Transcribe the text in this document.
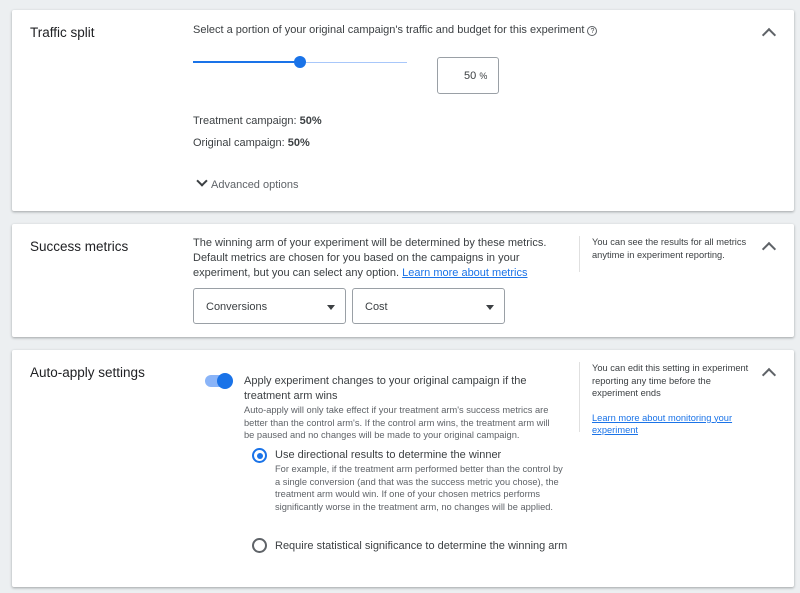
Traffic split	Select a portion of your original campaign's traffic and budget for this experiment ?
50 %
Treatment campaign: 50%
Original campaign: 50%
Advanced options
Success metrics	The winning arm of your experiment will be determined by these metrics. Default metrics are chosen for you based on the campaigns in your experiment, but you can select any option. Learn more about metrics
Conversions	Cost
You can see the results for all metrics anytime in experiment reporting.
Auto-apply settings
Apply experiment changes to your original campaign if the treatment arm wins
Auto-apply will only take effect if your treatment arm's success metrics are better than the control arm's. If the control arm wins, the treatment arm will be paused and no changes will be made to your original campaign.
Use directional results to determine the winner
For example, if the treatment arm performed better than the control by a single conversion (and that was the success metric you chose), the treatment arm would win. If one of your chosen metrics performs significantly worse in the treatment arm, no changes will be applied.
Require statistical significance to determine the winning arm
You can edit this setting in experiment reporting any time before the experiment ends
Learn more about monitoring your experiment
